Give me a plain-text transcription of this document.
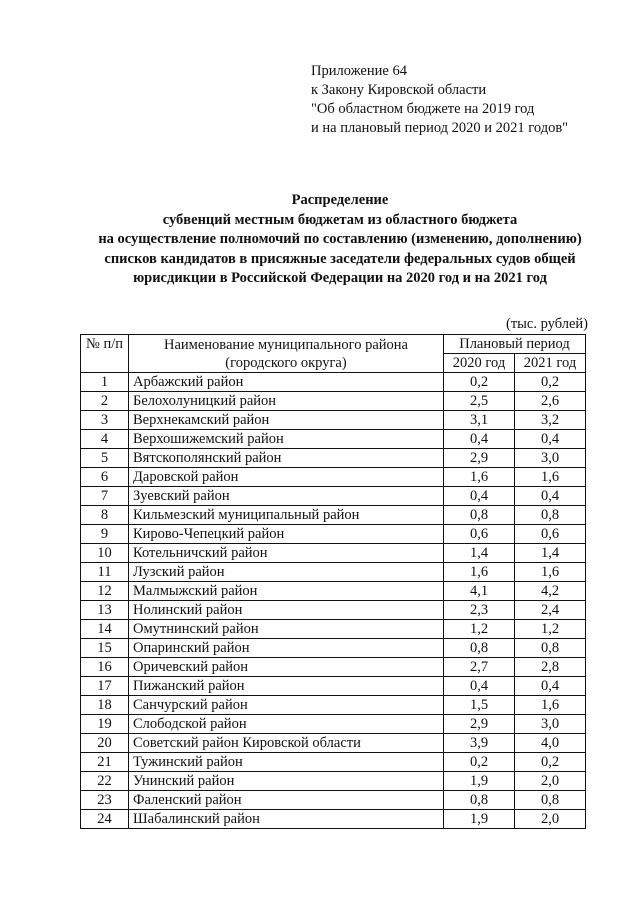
Приложение 64
к Закону Кировской области
"Об областном бюджете на 2019 год
и на плановый период 2020 и 2021 годов"
Распределение
субвенций местным бюджетам из областного бюджета
на осуществление полномочий по составлению (изменению, дополнению)
списков кандидатов в присяжные заседатели федеральных судов общей
юрисдикции в Российской Федерации на 2020 год и на 2021 год
(тыс. рублей)
№ п/п	Наименование муниципального района
(городского округа)	Плановый период	
		2020 год	2021 год
1	Арбажский район	0,2	0,2
2	Белохолуницкий район	2,5	2,6
3	Верхнекамский район	3,1	3,2
4	Верхошижемский район	0,4	0,4
5	Вятскополянский район	2,9	3,0
6	Даровской район	1,6	1,6
7	Зуевский район	0,4	0,4
8	Кильмезский муниципальный район	0,8	0,8
9	Кирово-Чепецкий район	0,6	0,6
10	Котельничский район	1,4	1,4
11	Лузский район	1,6	1,6
12	Малмыжский район	4,1	4,2
13	Нолинский район	2,3	2,4
14	Омутнинский район	1,2	1,2
15	Опаринский район	0,8	0,8
16	Оричевский район	2,7	2,8
17	Пижанский район	0,4	0,4
18	Санчурский район	1,5	1,6
19	Слободской район	2,9	3,0
20	Советский район Кировской области	3,9	4,0
21	Тужинский район	0,2	0,2
22	Унинский район	1,9	2,0
23	Фаленский район	0,8	0,8
24	Шабалинский район	1,9	2,0
